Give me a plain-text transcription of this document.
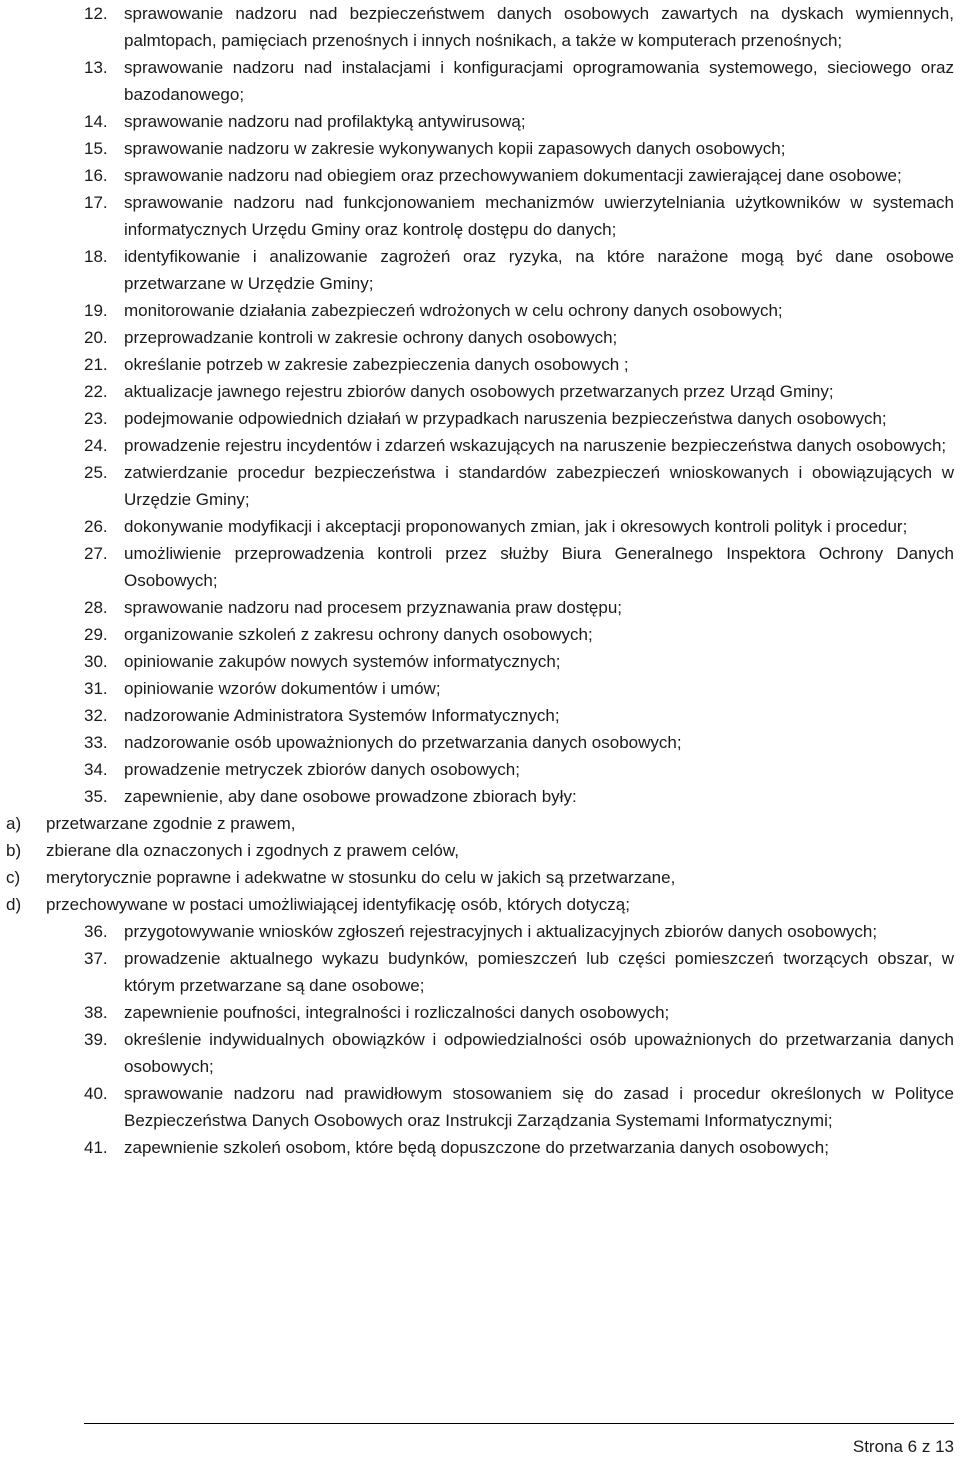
12. sprawowanie nadzoru nad bezpieczeństwem danych osobowych zawartych na dyskach wymiennych, palmtopach, pamięciach przenośnych i innych nośnikach, a także w komputerach przenośnych;
13. sprawowanie nadzoru nad instalacjami i konfiguracjami oprogramowania systemowego, sieciowego oraz bazodanowego;
14. sprawowanie nadzoru nad profilaktyką antywirusową;
15. sprawowanie nadzoru w zakresie wykonywanych kopii zapasowych danych osobowych;
16. sprawowanie nadzoru nad obiegiem oraz przechowywaniem dokumentacji zawierającej dane osobowe;
17. sprawowanie nadzoru nad funkcjonowaniem mechanizmów uwierzytelniania użytkowników w systemach informatycznych Urzędu Gminy oraz kontrolę dostępu do danych;
18. identyfikowanie i analizowanie zagrożeń oraz ryzyka, na które narażone mogą być dane osobowe przetwarzane w Urzędzie Gminy;
19. monitorowanie działania zabezpieczeń wdrożonych w celu ochrony danych osobowych;
20. przeprowadzanie kontroli w zakresie ochrony danych osobowych;
21. określanie potrzeb w zakresie zabezpieczenia danych osobowych ;
22. aktualizacje jawnego rejestru zbiorów danych osobowych przetwarzanych przez Urząd Gminy;
23. podejmowanie odpowiednich działań w przypadkach naruszenia bezpieczeństwa danych osobowych;
24. prowadzenie rejestru incydentów i zdarzeń wskazujących na naruszenie bezpieczeństwa danych osobowych;
25. zatwierdzanie procedur bezpieczeństwa i standardów zabezpieczeń wnioskowanych i obowiązujących w Urzędzie Gminy;
26. dokonywanie modyfikacji i akceptacji proponowanych zmian, jak i okresowych kontroli polityk i procedur;
27. umożliwienie przeprowadzenia kontroli przez służby Biura Generalnego Inspektora Ochrony Danych Osobowych;
28. sprawowanie nadzoru nad procesem przyznawania praw dostępu;
29. organizowanie szkoleń z zakresu ochrony danych osobowych;
30. opiniowanie zakupów nowych systemów informatycznych;
31. opiniowanie wzorów dokumentów i umów;
32. nadzorowanie Administratora Systemów Informatycznych;
33. nadzorowanie osób upoważnionych do przetwarzania danych osobowych;
34. prowadzenie metryczek zbiorów danych osobowych;
35. zapewnienie, aby dane osobowe prowadzone zbiorach były:
a)	przetwarzane zgodnie z prawem,
b)	zbierane dla oznaczonych i zgodnych z prawem celów,
c)	merytorycznie poprawne i adekwatne w stosunku do celu w jakich są przetwarzane,
d)	przechowywane w postaci umożliwiającej identyfikację osób, których dotyczą;
36. przygotowywanie wniosków zgłoszeń rejestracyjnych i aktualizacyjnych zbiorów danych osobowych;
37. prowadzenie aktualnego wykazu budynków, pomieszczeń lub części pomieszczeń tworzących obszar, w którym przetwarzane są dane osobowe;
38. zapewnienie poufności, integralności i rozliczalności danych osobowych;
39. określenie indywidualnych obowiązków i odpowiedzialności osób upoważnionych do przetwarzania danych osobowych;
40. sprawowanie nadzoru nad prawidłowym stosowaniem się do zasad i procedur określonych w Polityce Bezpieczeństwa Danych Osobowych oraz Instrukcji Zarządzania Systemami Informatycznymi;
41. zapewnienie szkoleń osobom, które będą dopuszczone do przetwarzania danych osobowych;
Strona 6 z 13
